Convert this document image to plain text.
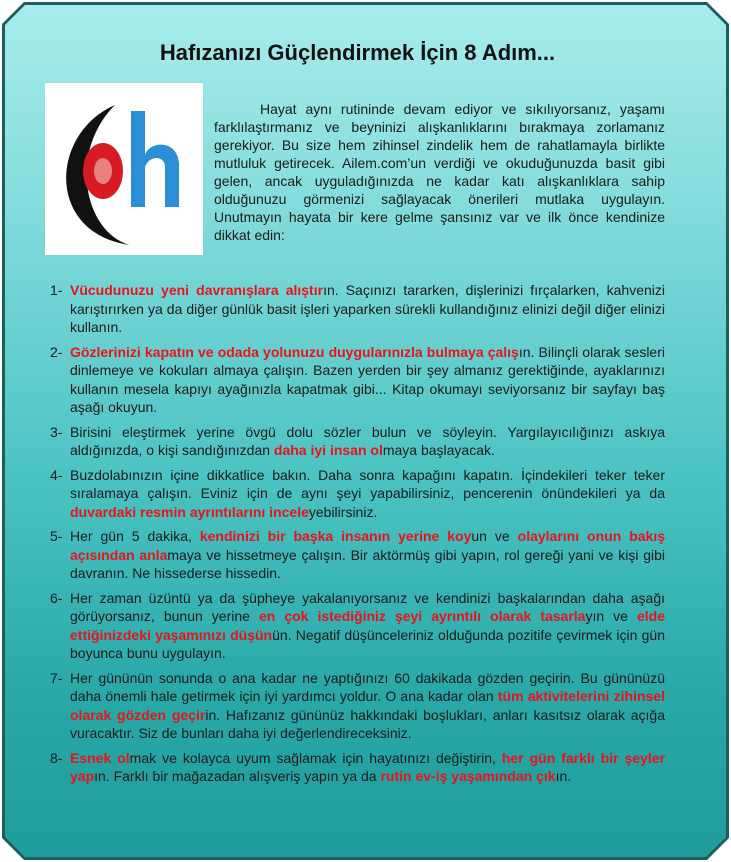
Hafızanızı Güçlendirmek İçin 8 Adım...

Hayat aynı rutininde devam ediyor ve sıkılıyorsanız, yaşamı farklılaştırmanız ve beyninizi alışkanlıklarını bırakmaya zorlamanız gerekiyor. Bu size hem zihinsel zindelik hem de rahatlamayla birlikte mutluluk getirecek. Ailem.com’un verdiği ve okuduğunuzda basit gibi gelen, ancak uyguladığınızda ne kadar katı alışkanlıklara sahip olduğunuzu görmenizi sağlayacak önerileri mutlaka uygulayın. Unutmayın hayata bir kere gelme şansınız var ve ilk önce kendinize dikkat edin:

1- Vücudunuzu yeni davranışlara alıştırın. Saçınızı tararken, dişlerinizi fırçalarken, kahvenizi karıştırırken ya da diğer günlük basit işleri yaparken sürekli kullandığınız elinizi değil diğer elinizi kullanın.
2- Gözlerinizi kapatın ve odada yolunuzu duygularınızla bulmaya çalışın. Bilinçli olarak sesleri dinlemeye ve kokuları almaya çalışın. Bazen yerden bir şey almanız gerektiğinde, ayaklarınızı kullanın mesela kapıyı ayağınızla kapatmak gibi... Kitap okumayı seviyorsanız bir sayfayı baş aşağı okuyun.
3- Birisini eleştirmek yerine övgü dolu sözler bulun ve söyleyin. Yargılayıcılığınızı askıya aldığınızda, o kişi sandığınızdan daha iyi insan olmaya başlayacak.
4- Buzdolabınızın içine dikkatlice bakın. Daha sonra kapağını kapatın. İçindekileri teker teker sıralamaya çalışın. Eviniz için de aynı şeyi yapabilirsiniz, pencerenin önündekileri ya da duvardaki resmin ayrıntılarını inceleyebilirsiniz.
5- Her gün 5 dakika, kendinizi bir başka insanın yerine koyun ve olaylarını onun bakış açısından anlamaya ve hissetmeye çalışın. Bir aktörmüş gibi yapın, rol gereği yani ve kişi gibi davranın. Ne hissederse hissedin.
6- Her zaman üzüntü ya da şüpheye yakalanıyorsanız ve kendinizi başkalarından daha aşağı görüyorsanız, bunun yerine en çok istediğiniz şeyi ayrıntılı olarak tasarlayın ve elde ettiğinizdeki yaşamınızı düşünün. Negatif düşünceleriniz olduğunda pozitife çevirmek için gün boyunca bunu uygulayın.
7- Her gününün sonunda o ana kadar ne yaptığınızı 60 dakikada gözden geçirin. Bu gününüzü daha önemli hale getirmek için iyi yardımcı yoldur. O ana kadar olan tüm aktivitelerini zihinsel olarak gözden geçirin. Hafızanız gününüz hakkındaki boşlukları, anları kasıtsız olarak açığa vuracaktır. Siz de bunları daha iyi değerlendireceksiniz.
8- Esnek olmak ve kolayca uyum sağlamak için hayatınızı değiştirin, her gün farklı bir şeyler yapın. Farklı bir mağazadan alışveriş yapın ya da rutin ev-iş yaşamından çıkın.
